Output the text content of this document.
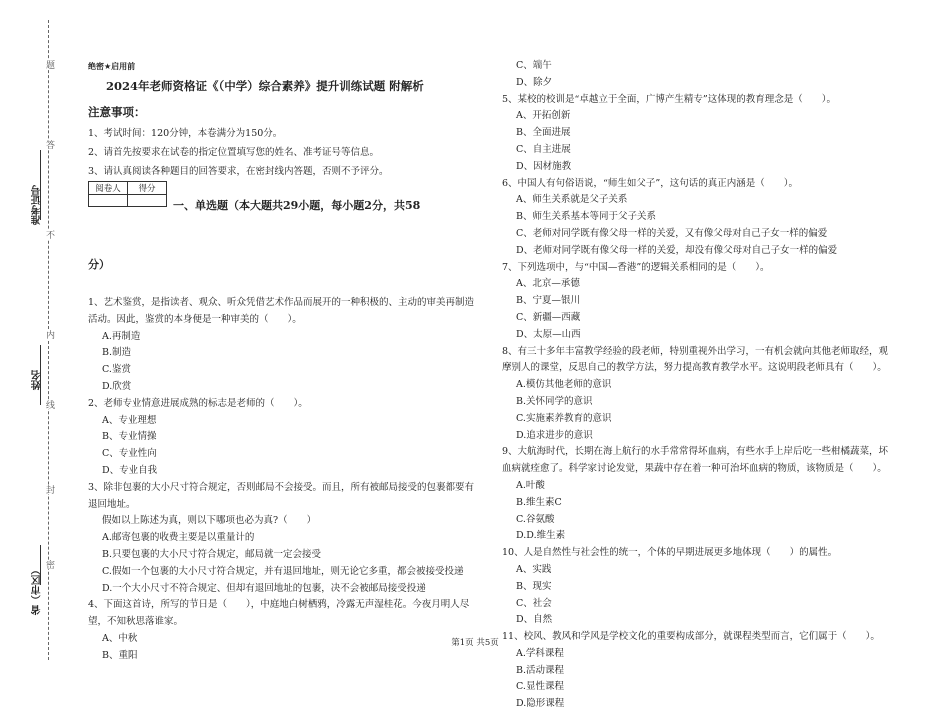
题
答
不
内
线
封
密
准考证号
姓名
省（市区）
绝密★启用前
2024年老师资格证《（中学）综合素养》提升训练试题 附解析
注意事项：
1、考试时间：120分钟，本卷满分为150分。
2、请首先按要求在试卷的指定位置填写您的姓名、准考证号等信息。
3、请认真阅读各种题目的回答要求，在密封线内答题，否则不予评分。
阅卷人	得分

一、单选题（本大题共29小题，每小题2分，共58
分）
1、艺术鉴赏，是指读者、观众、听众凭借艺术作品而展开的一种积极的、主动的审美再制造
活动。因此，鉴赏的本身便是一种审美的（　　）。
A.再制造
B.制造
C.鉴赏
D.欣赏
2、老师专业情意进展成熟的标志是老师的（　　）。
A、专业理想
B、专业情操
C、专业性向
D、专业自我
3、除非包裹的大小尺寸符合规定，否则邮局不会接受。而且，所有被邮局接受的包裹都要有
退回地址。
假如以上陈述为真，则以下哪项也必为真?（　　）
A.邮寄包裹的收费主要是以重量计的
B.只要包裹的大小尺寸符合规定，邮局就一定会接受
C.假如一个包裹的大小尺寸符合规定，并有退回地址，则无论它多重，都会被接受投递
D.一个大小尺寸不符合规定、但却有退回地址的包裹，决不会被邮局接受投递
4、下面这首诗，所写的节日是（　　），中庭地白树栖鸦，冷露无声湿桂花。今夜月明人尽
望，不知秋思落谁家。
A、中秋
B、重阳
C、端午
D、除夕
5、某校的校训是“卓越立于全面，广博产生精专”这体现的教育理念是（　　）。
A、开拓创新
B、全面进展
C、自主进展
D、因材施教
6、中国人有句俗语说，“师生如父子”，这句话的真正内涵是（　　）。
A、师生关系就是父子关系
B、师生关系基本等同于父子关系
C、老师对同学既有像父母一样的关爱，又有像父母对自己子女一样的偏爱
D、老师对同学既有像父母一样的关爱，却没有像父母对自己子女一样的偏爱
7、下列选项中，与“中国—香港”的逻辑关系相同的是（　　）。
A、北京—承德
B、宁夏—银川
C、新疆—西藏
D、太原—山西
8、有三十多年丰富教学经验的段老师，特别重视外出学习，一有机会就向其他老师取经，观
摩别人的课堂，反思自己的教学方法，努力提高教育教学水平。这说明段老师具有（　　）。
A.模仿其他老师的意识
B.关怀同学的意识
C.实施素养教育的意识
D.追求进步的意识
9、大航海时代，长期在海上航行的水手常常得坏血病，有些水手上岸后吃一些柑橘蔬菜，坏
血病就痊愈了。科学家讨论发觉，果蔬中存在着一种可治坏血病的物质，该物质是（　　）。
A.叶酸
B.维生素C
C.谷氨酸
D.D.维生素
10、人是自然性与社会性的统一，个体的早期进展更多地体现（　　）的属性。
A、实践
B、现实
C、社会
D、自然
11、校风、教风和学风是学校文化的重要构成部分，就课程类型而言，它们属于（　　）。
A.学科课程
B.活动课程
C.显性课程
D.隐形课程
第1页 共5页
